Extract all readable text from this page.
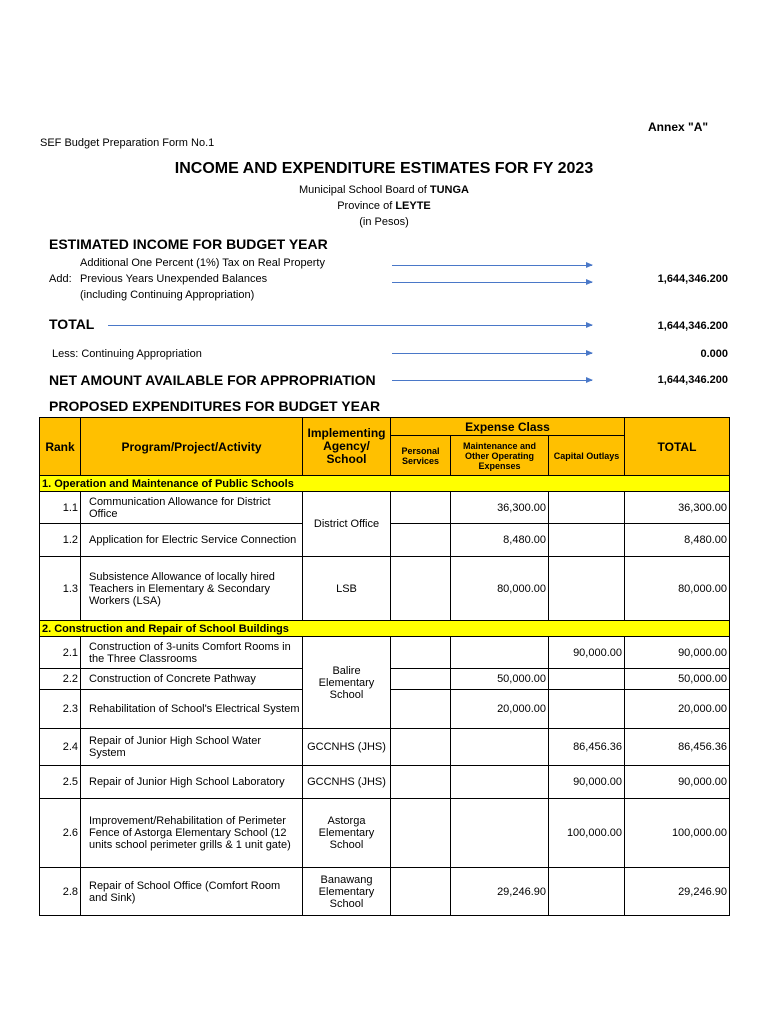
Annex "A"
SEF Budget Preparation Form No.1
INCOME AND EXPENDITURE ESTIMATES FOR FY 2023
Municipal School Board of TUNGA
Province of LEYTE
(in Pesos)
ESTIMATED INCOME FOR BUDGET YEAR
Additional One Percent (1%) Tax on Real Property
Add: Previous Years Unexpended Balances	1,644,346.200
(including Continuing Appropriation)
TOTAL	1,644,346.200
Less: Continuing Appropriation	0.000
NET AMOUNT AVAILABLE FOR APPROPRIATION	1,644,346.200
PROPOSED EXPENDITURES FOR BUDGET YEAR
Rank	Program/Project/Activity	Implementing Agency/ School	Expense Class			TOTAL
			Personal Services	Maintenance and Other Operating Expenses	Capital Outlays	
1. Operation and Maintenance of Public Schools						
1.1	Communication Allowance for District Office	District Office		36,300.00		36,300.00
1.2	Application for Electric Service Connection			8,480.00		8,480.00
1.3	Subsistence Allowance of locally hired Teachers in Elementary & Secondary Workers (LSA)	LSB		80,000.00		80,000.00
2. Construction and Repair of School Buildings						
2.1	Construction of 3-units Comfort Rooms in the Three Classrooms	Balire Elementary School			90,000.00	90,000.00
2.2	Construction of Concrete Pathway			50,000.00		50,000.00
2.3	Rehabilitation of School's Electrical System			20,000.00		20,000.00
2.4	Repair of Junior High School Water System	GCCNHS (JHS)			86,456.36	86,456.36
2.5	Repair of Junior High School Laboratory	GCCNHS (JHS)			90,000.00	90,000.00
2.6	Improvement/Rehabilitation of Perimeter Fence of Astorga Elementary School (12 units school perimeter grills & 1 unit gate)	Astorga Elementary School			100,000.00	100,000.00
2.8	Repair of School Office (Comfort Room and Sink)	Banawang Elementary School		29,246.90		29,246.90
